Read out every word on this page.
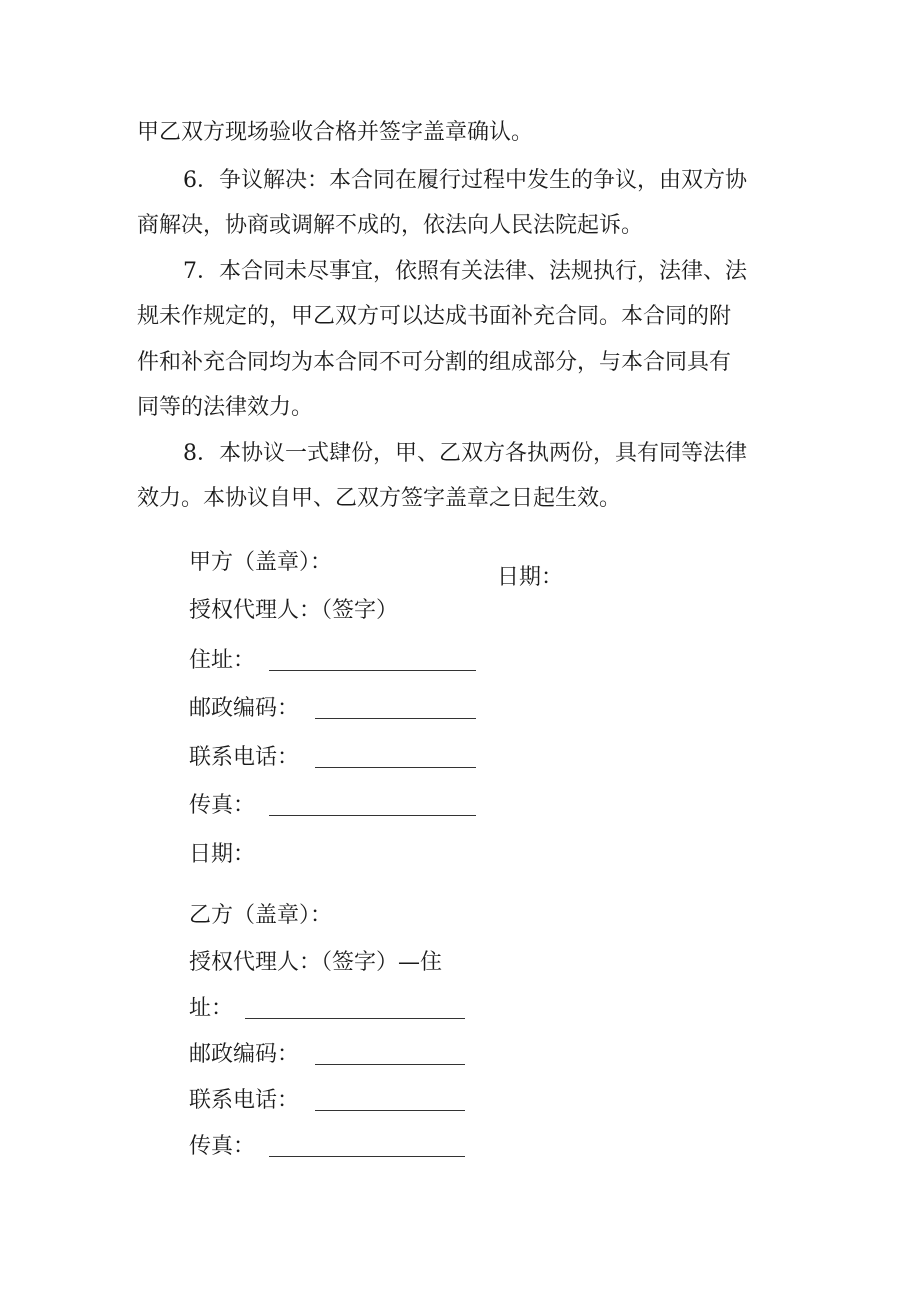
甲乙双方现场验收合格并签字盖章确认。
6．争议解决：本合同在履行过程中发生的争议，由双方协
商解决，协商或调解不成的，依法向人民法院起诉。
7．本合同未尽事宜，依照有关法律、法规执行，法律、法
规未作规定的，甲乙双方可以达成书面补充合同。本合同的附
件和补充合同均为本合同不可分割的组成部分，与本合同具有
同等的法律效力。
8．本协议一式肆份，甲、乙双方各执两份，具有同等法律
效力。本协议自甲、乙双方签字盖章之日起生效。
甲方（盖章）：
授权代理人：（签字）
住址：
邮政编码：
联系电话：
传真：
日期：
日期：
乙方（盖章）：
授权代理人：（签字）—住
址：
邮政编码：
联系电话：
传真：
